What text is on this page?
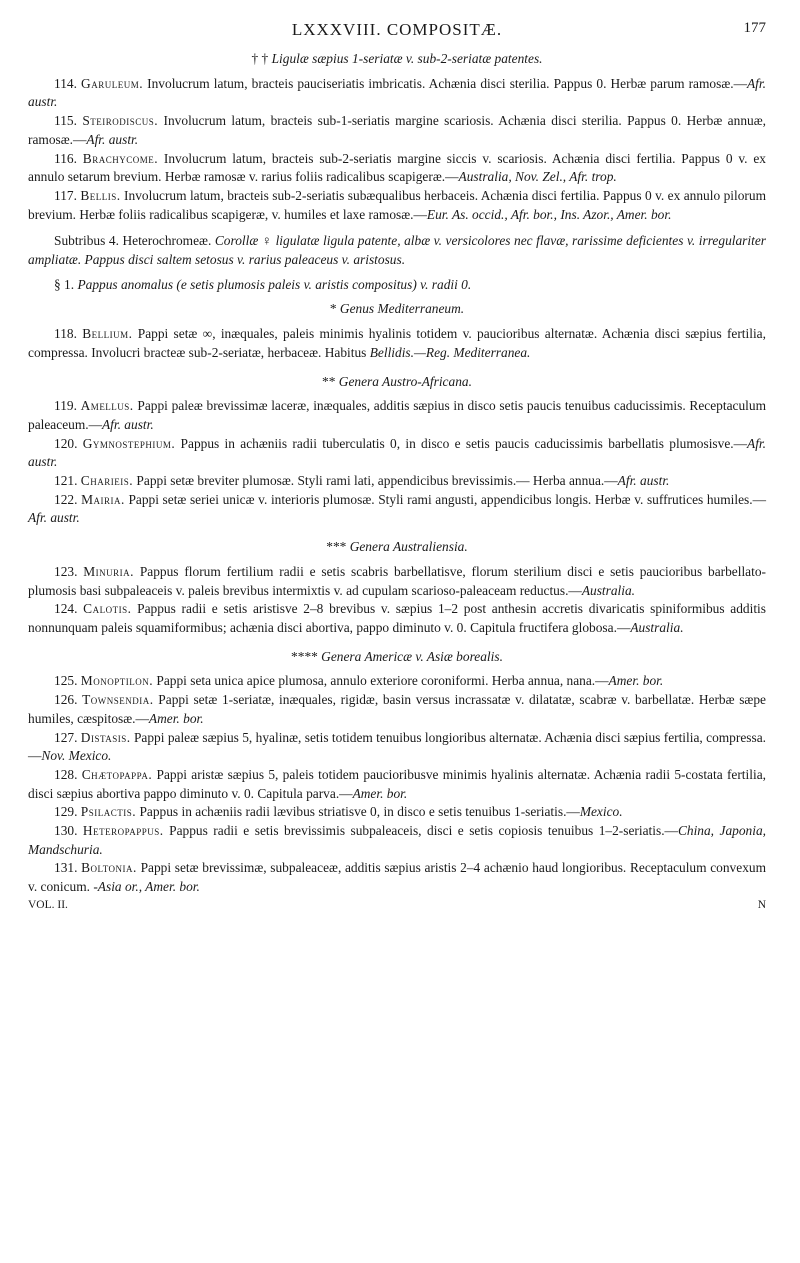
LXXXVIII. COMPOSITÆ.	177

† † Ligulæ sæpius 1-seriatæ v. sub-2-seriatæ patentes.

114. Garuleum. Involucrum latum, bracteis pauciseriatis imbricatis. Achænia disci sterilia. Pappus 0. Herbæ parum ramosæ.—Afr. austr.

115. Steirodiscus. Involucrum latum, bracteis sub-1-seriatis margine scariosis. Achænia disci sterilia. Pappus 0. Herbæ annuæ, ramosæ.—Afr. austr.

116. Brachycome. Involucrum latum, bracteis sub-2-seriatis margine siccis v. scariosis. Achænia disci fertilia. Pappus 0 v. ex annulo setarum brevium. Herbæ ramosæ v. rarius foliis radicalibus scapigeræ.—Australia, Nov. Zel., Afr. trop.

117. Bellis. Involucrum latum, bracteis sub-2-seriatis subæqualibus herbaceis. Achænia disci fertilia. Pappus 0 v. ex annulo pilorum brevium. Herbæ foliis radicalibus scapigeræ, v. humiles et laxe ramosæ.—Eur. As. occid., Afr. bor., Ins. Azor., Amer. bor.

Subtribus 4. Heterochromeæ. Corollæ ♀ ligulatæ ligula patente, albæ v. versicolores nec flavæ, rarissime deficientes v. irregulariter ampliatæ. Pappus disci saltem setosus v. rarius paleaceus v. aristosus.

§ 1. Pappus anomalus (e setis plumosis paleis v. aristis compositus) v. radii 0.

* Genus Mediterraneum.

118. Bellium. Pappi setæ ∞, inæquales, paleis minimis hyalinis totidem v. paucioribus alternatæ. Achænia disci sæpius fertilia, compressa. Involucri bracteæ sub-2-seriatæ, herbaceæ. Habitus Bellidis.—Reg. Mediterranea.

** Genera Austro-Africana.

119. Amellus. Pappi paleæ brevissimæ laceræ, inæquales, additis sæpius in disco setis paucis tenuibus caducissimis. Receptaculum paleaceum.—Afr. austr.

120. Gymnostephium. Pappus in achæniis radii tuberculatis 0, in disco e setis paucis caducissimis barbellatis plumosisve.—Afr. austr.

121. Charieis. Pappi setæ breviter plumosæ. Styli rami lati, appendicibus brevissimis.— Herba annua.—Afr. austr.

122. Mairia. Pappi setæ seriei unicæ v. interioris plumosæ. Styli rami angusti, appendicibus longis. Herbæ v. suffrutices humiles.—Afr. austr.

*** Genera Australiensia.

123. Minuria. Pappus florum fertilium radii e setis scabris barbellatisve, florum sterilium disci e setis paucioribus barbellato-plumosis basi subpaleaceis v. paleis brevibus intermixtis v. ad cupulam scarioso-paleaceam reductus.—Australia.

124. Calotis. Pappus radii e setis aristisve 2–8 brevibus v. sæpius 1–2 post anthesin accretis divaricatis spiniformibus additis nonnunquam paleis squamiformibus; achænia disci abortiva, pappo diminuto v. 0. Capitula fructifera globosa.—Australia.

**** Genera Americæ v. Asiæ borealis.

125. Monoptilon. Pappi seta unica apice plumosa, annulo exteriore coroniformi. Herba annua, nana.—Amer. bor.

126. Townsendia. Pappi setæ 1-seriatæ, inæquales, rigidæ, basin versus incrassatæ v. dilatatæ, scabræ v. barbellatæ. Herbæ sæpe humiles, cæspitosæ.—Amer. bor.

127. Distasis. Pappi paleæ sæpius 5, hyalinæ, setis totidem tenuibus longioribus alternatæ. Achænia disci sæpius fertilia, compressa.—Nov. Mexico.

128. Chætopappa. Pappi aristæ sæpius 5, paleis totidem paucioribusve minimis hyalinis alternatæ. Achænia radii 5-costata fertilia, disci sæpius abortiva pappo diminuto v. 0. Capitula parva.—Amer. bor.

129. Psilactis. Pappus in achæniis radii lævibus striatisve 0, in disco e setis tenuibus 1-seriatis.—Mexico.

130. Heteropappus. Pappus radii e setis brevissimis subpaleaceis, disci e setis copiosis tenuibus 1–2-seriatis.—China, Japonia, Mandschuria.

131. Boltonia. Pappi setæ brevissimæ, subpaleaceæ, additis sæpius aristis 2–4 achænio haud longioribus. Receptaculum convexum v. conicum. -Asia or., Amer. bor.

VOL. II.	N
